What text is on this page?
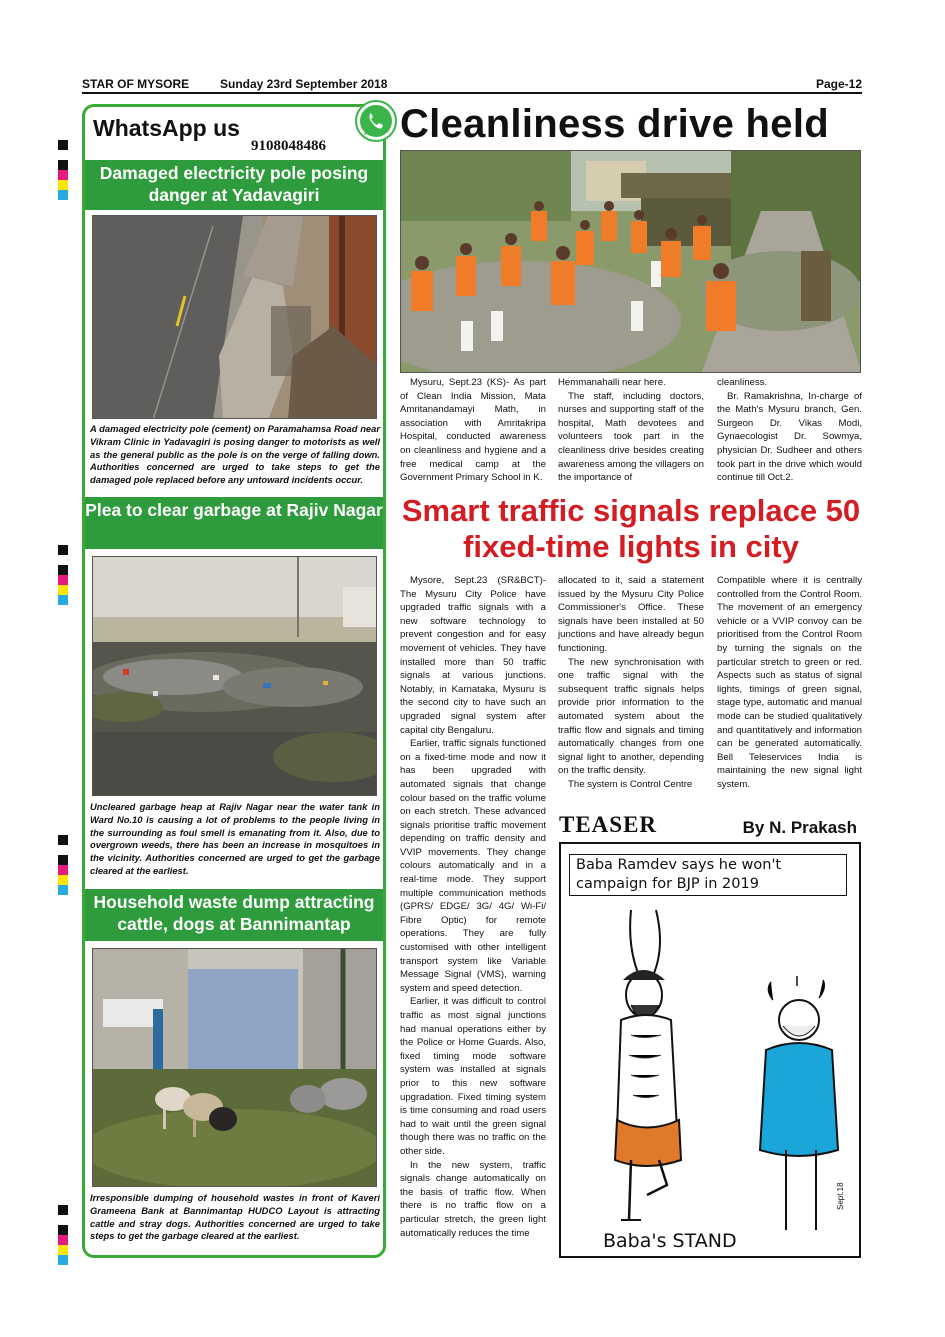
STAR OF MYSORE	Sunday 23rd September 2018	Page-12
WhatsApp us
9108048486
Damaged electricity pole posing danger at Yadavagiri
A damaged electricity pole (cement) on Paramahamsa Road near Vikram Clinic in Yadavagiri is posing danger to motorists as well as the general public as the pole is on the verge of falling down. Authorities concerned are urged to take steps to get the damaged pole replaced before any untoward incidents occur.
Plea to clear garbage at Rajiv Nagar
Uncleared garbage heap at Rajiv Nagar near the water tank in Ward No.10 is causing a lot of problems to the people living in the surrounding as foul smell is emanating from it. Also, due to overgrown weeds, there has been an increase in mosquitoes in the vicinity. Authorities concerned are urged to get the garbage cleared at the earliest.
Household waste dump attracting cattle, dogs at Bannimantap
Irresponsible dumping of household wastes in front of Kaveri Grameena Bank at Bannimantap HUDCO Layout is attracting cattle and stray dogs. Authorities concerned are urged to take steps to get the garbage cleared at the earliest.
Cleanliness drive held

Mysuru, Sept.23 (KS)- As part of Clean India Mission, Mata Amritanandamayi Math, in association with Amritakripa Hospital, conducted awareness on cleanliness and hygiene and a free medical camp at the Government Primary School in K.

Hemmanahalli near here.

The staff, including doctors, nurses and supporting staff of the hospital, Math devotees and volunteers took part in the cleanliness drive besides creating awareness among the villagers on the importance of

cleanliness.

Br. Ramakrishna, In-charge of the Math's Mysuru branch, Gen. Surgeon Dr. Vikas Modi, Gynaecologist Dr. Sowmya, physician Dr. Sudheer and others took part in the drive which would continue till Oct.2.

Smart traffic signals replace 50 fixed-time lights in city

Mysore, Sept.23 (SR&BCT)- The Mysuru City Police have upgraded traffic signals with a new software technology to prevent congestion and for easy movement of vehicles. They have installed more than 50 traffic signals at various junctions. Notably, in Karnataka, Mysuru is the second city to have such an upgraded signal system after capital city Bengaluru.

Earlier, traffic signals functioned on a fixed-time mode and now it has been upgraded with automated signals that change colour based on the traffic volume on each stretch. These advanced signals prioritise traffic movement depending on traffic density and VVIP movements. They change colours automatically and in a real-time mode. They support multiple communication methods (GPRS/ EDGE/ 3G/ 4G/ Wi-Fi/ Fibre Optic) for remote operations. They are fully customised with other intelligent transport system like Variable Message Signal (VMS), warning system and speed detection.

Earlier, it was difficult to control traffic as most signal junctions had manual operations either by the Police or Home Guards. Also, fixed timing mode software system was installed at signals prior to this new software upgradation. Fixed timing system is time consuming and road users had to wait until the green signal though there was no traffic on the other side.

In the new system, traffic signals change automatically on the basis of traffic flow. When there is no traffic flow on a particular stretch, the green light automatically reduces the time

allocated to it, said a statement issued by the Mysuru City Police Commissioner's Office. These signals have been installed at 50 junctions and have already begun functioning.

The new synchronisation with one traffic signal with the subsequent traffic signals helps provide prior information to the automated system about the traffic flow and signals and timing automatically changes from one signal light to another, depending on the traffic density.

The system is Control Centre

Compatible where it is centrally controlled from the Control Room. The movement of an emergency vehicle or a VVIP convoy can be prioritised from the Control Room by turning the signals on the particular stretch to green or red. Aspects such as status of signal lights, timings of green signal, stage type, automatic and manual mode can be studied qualitatively and quantitatively and information can be generated automatically. Bell Teleservices India is maintaining the new signal light system.

TEASER	By N. Prakash
Baba Ramdev says he won't campaign for BJP in 2019
Sept.18
Baba's STAND
